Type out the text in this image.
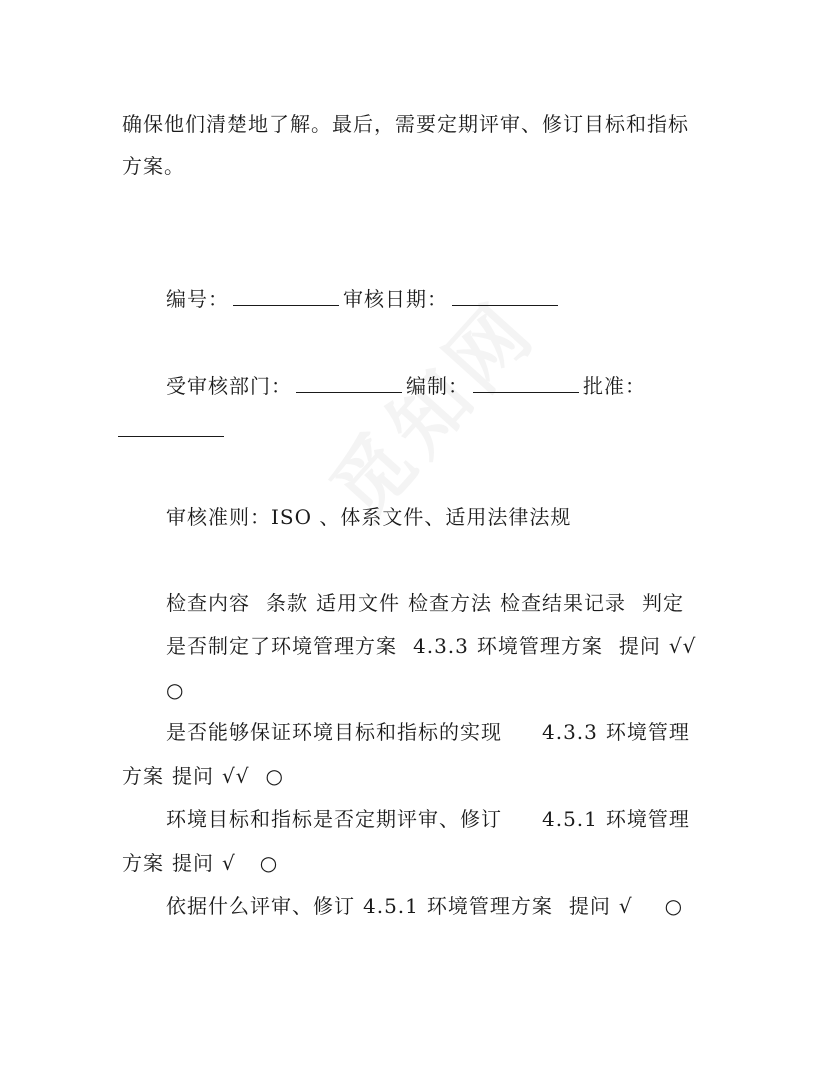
确保他们清楚地了解。最后，需要定期评审、修订目标和指标
方案。
编号：	审核日期：
受审核部门：	编制：	批准：
审核准则：ISO 、体系文件、适用法律法规
检查内容 条款 适用文件 检查方法 检查结果记录 判定
是否制定了环境管理方案 4.3.3 环境管理方案 提问 √√
○
是否能够保证环境目标和指标的实现 4.3.3 环境管理
方案 提问 √√ ○
环境目标和指标是否定期评审、修订 4.5.1 环境管理
方案 提问 √ ○
依据什么评审、修订 4.5.1 环境管理方案 提问 √ ○
